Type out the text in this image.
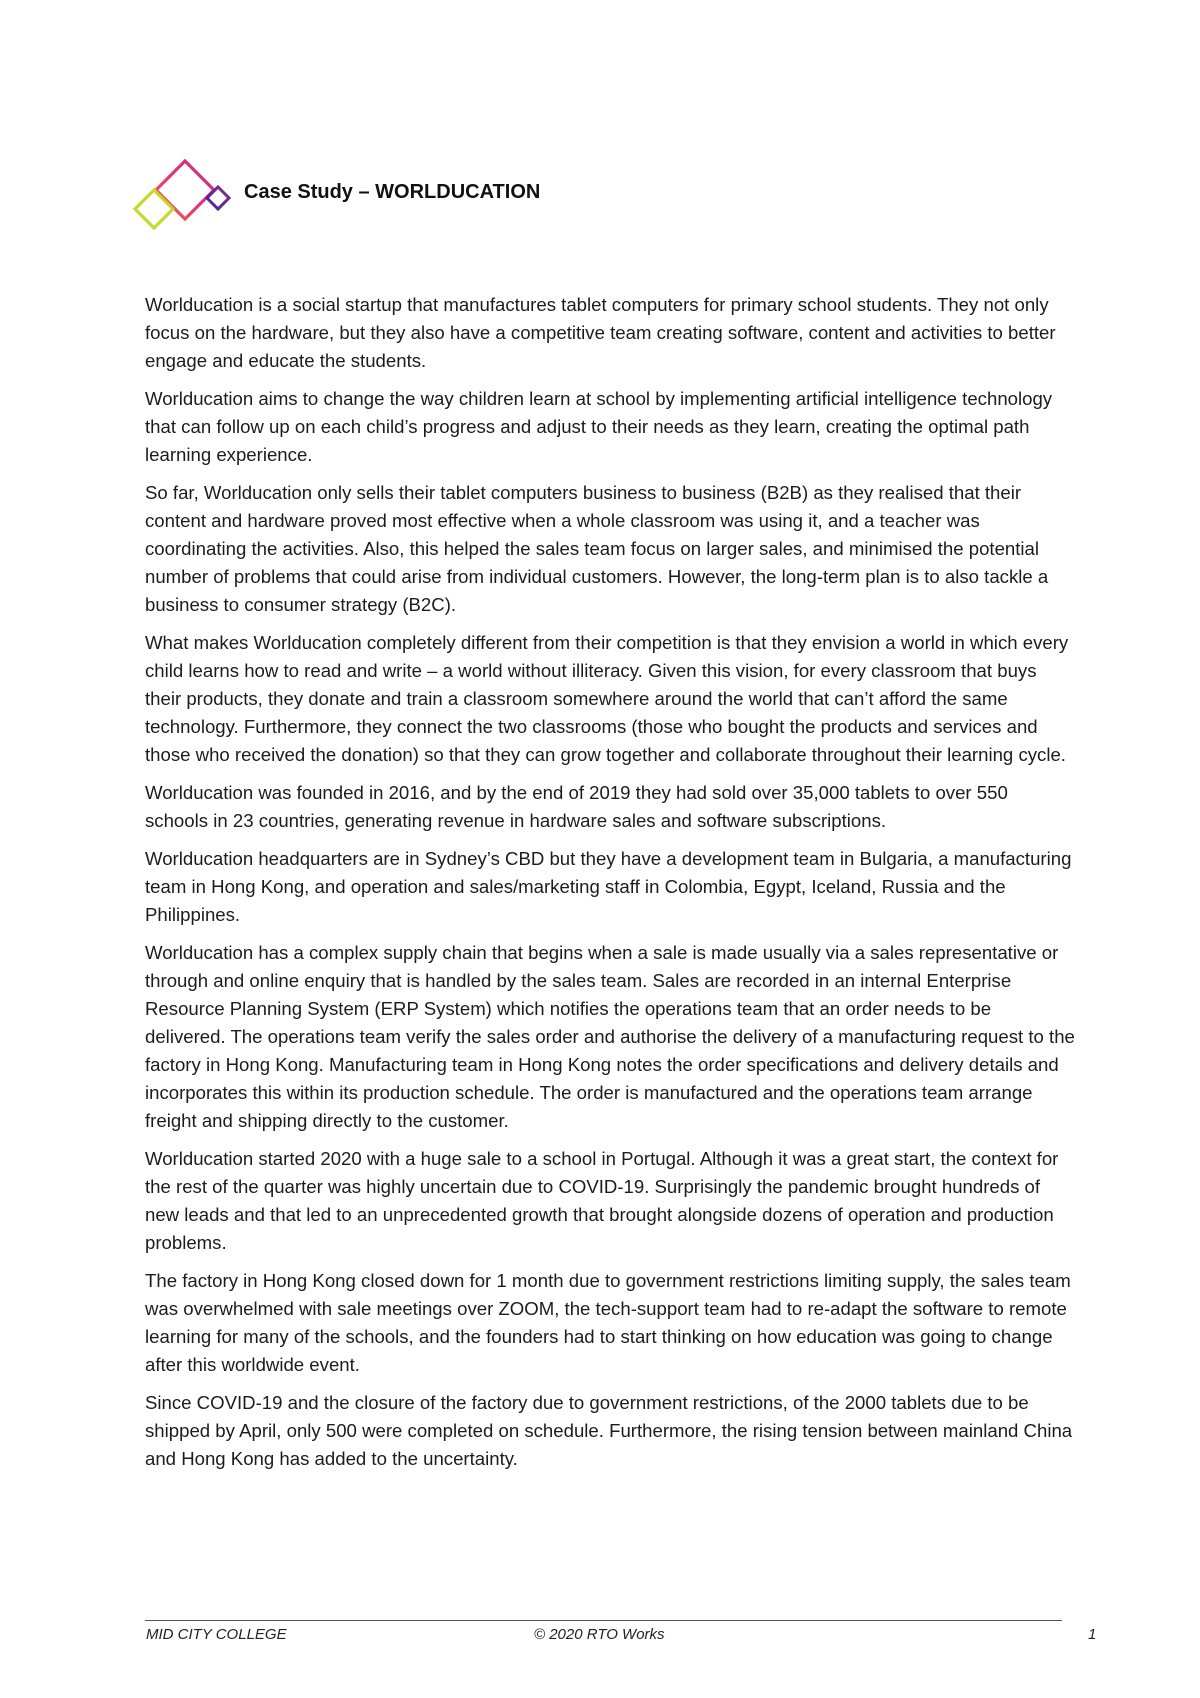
Case Study – WORLDUCATION

Worlducation is a social startup that manufactures tablet computers for primary school students. They not only focus on the hardware, but they also have a competitive team creating software, content and activities to better engage and educate the students.

Worlducation aims to change the way children learn at school by implementing artificial intelligence technology that can follow up on each child’s progress and adjust to their needs as they learn, creating the optimal path learning experience.

So far, Worlducation only sells their tablet computers business to business (B2B) as they realised that their content and hardware proved most effective when a whole classroom was using it, and a teacher was coordinating the activities. Also, this helped the sales team focus on larger sales, and minimised the potential number of problems that could arise from individual customers. However, the long-term plan is to also tackle a business to consumer strategy (B2C).

What makes Worlducation completely different from their competition is that they envision a world in which every child learns how to read and write – a world without illiteracy. Given this vision, for every classroom that buys their products, they donate and train a classroom somewhere around the world that can’t afford the same technology. Furthermore, they connect the two classrooms (those who bought the products and services and those who received the donation) so that they can grow together and collaborate throughout their learning cycle.

Worlducation was founded in 2016, and by the end of 2019 they had sold over 35,000 tablets to over 550 schools in 23 countries, generating revenue in hardware sales and software subscriptions.

Worlducation headquarters are in Sydney’s CBD but they have a development team in Bulgaria, a manufacturing team in Hong Kong, and operation and sales/marketing staff in Colombia, Egypt, Iceland, Russia and the Philippines.

Worlducation has a complex supply chain that begins when a sale is made usually via a sales representative or through and online enquiry that is handled by the sales team. Sales are recorded in an internal Enterprise Resource Planning System (ERP System) which notifies the operations team that an order needs to be delivered. The operations team verify the sales order and authorise the delivery of a manufacturing request to the factory in Hong Kong. Manufacturing team in Hong Kong notes the order specifications and delivery details and incorporates this within its production schedule. The order is manufactured and the operations team arrange freight and shipping directly to the customer.

Worlducation started 2020 with a huge sale to a school in Portugal. Although it was a great start, the context for the rest of the quarter was highly uncertain due to COVID-19. Surprisingly the pandemic brought hundreds of new leads and that led to an unprecedented growth that brought alongside dozens of operation and production problems.

The factory in Hong Kong closed down for 1 month due to government restrictions limiting supply, the sales team was overwhelmed with sale meetings over ZOOM, the tech-support team had to re-adapt the software to remote learning for many of the schools, and the founders had to start thinking on how education was going to change after this worldwide event.

Since COVID-19 and the closure of the factory due to government restrictions, of the 2000 tablets due to be shipped by April, only 500 were completed on schedule. Furthermore, the rising tension between mainland China and Hong Kong has added to the uncertainty.

MID CITY COLLEGE	© 2020 RTO Works	1
